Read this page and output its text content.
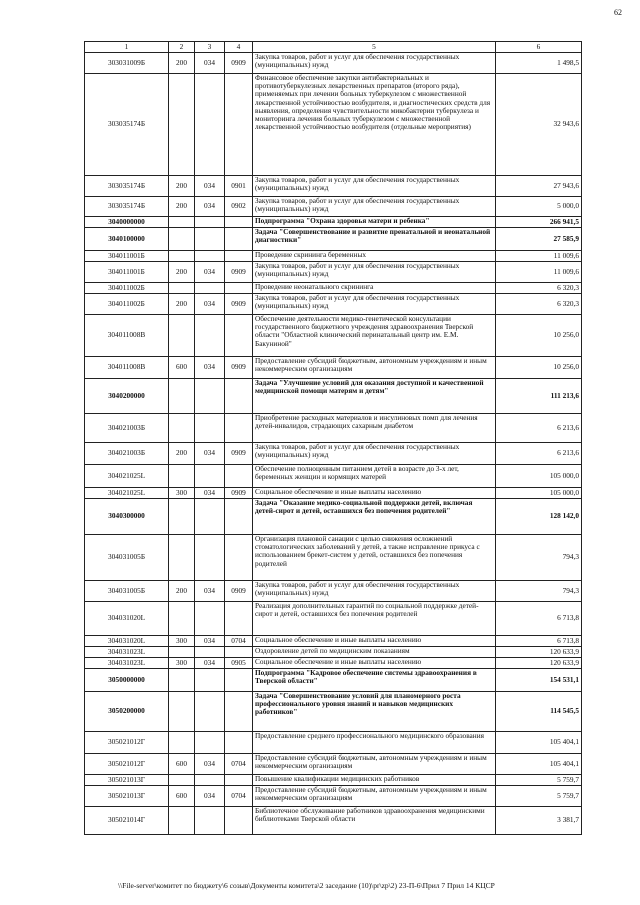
62
1	2	3	4	5	6
303031009Б	200	034	0909	Закупка товаров, работ и услуг для обеспечения государственных (муниципальных) нужд	1 498,5
303035174Б				Финансовое обеспечение закупки антибактериальных и противотуберкулезных лекарственных препаратов (второго ряда), применяемых при лечении больных туберкулезом с множественной лекарственной устойчивостью возбудителя, и диагностических средств для выявления, определения чувствительности микобактерии туберкулеза и мониторинга лечения больных туберкулезом с множественной лекарственной устойчивостью возбудителя (отдельные мероприятия)	32 943,6
303035174Б	200	034	0901	Закупка товаров, работ и услуг для обеспечения государственных (муниципальных) нужд	27 943,6
303035174Б	200	034	0902	Закупка товаров, работ и услуг для обеспечения государственных (муниципальных) нужд	5 000,0
3040000000				Подпрограмма "Охрана здоровья матери и ребенка"	266 941,5
3040100000				Задача "Совершенствование и развитие пренатальной и неонатальной диагностики"	27 585,9
304011001Б				Проведение скрининга беременных	11 009,6
304011001Б	200	034	0909	Закупка товаров, работ и услуг для обеспечения государственных (муниципальных) нужд	11 009,6
304011002Б				Проведение неонатального скрининга	6 320,3
304011002Б	200	034	0909	Закупка товаров, работ и услуг для обеспечения государственных (муниципальных) нужд	6 320,3
304011008В				Обеспечение деятельности медико-генетической консультации государственного бюджетного учреждения здравоохранения Тверской области "Областной клинический перинатальный центр им. Е.М. Бакуниной"	10 256,0
304011008В	600	034	0909	Предоставление субсидий бюджетным, автономным учреждениям и иным некоммерческим организациям	10 256,0
3040200000				Задача "Улучшение условий для оказания доступной и качественной медицинской помощи матерям и детям"	111 213,6
304021003Б				Приобретение расходных материалов и инсулиновых помп для лечения детей-инвалидов, страдающих сахарным диабетом	6 213,6
304021003Б	200	034	0909	Закупка товаров, работ и услуг для обеспечения государственных (муниципальных) нужд	6 213,6
304021025L				Обеспечение полноценным питанием детей в возрасте до 3-х лет, беременных женщин и кормящих матерей	105 000,0
304021025L	300	034	0909	Социальное обеспечение и иные выплаты населению	105 000,0
3040300000				Задача "Оказание медико-социальной поддержки детей, включая детей-сирот и детей, оставшихся без попечения родителей"	128 142,0
304031005Б				Организация плановой санации с целью снижения осложнений стоматологических заболеваний у детей, а также исправление прикуса с использованием брекет-систем у детей, оставшихся без попечения родителей	794,3
304031005Б	200	034	0909	Закупка товаров, работ и услуг для обеспечения государственных (муниципальных) нужд	794,3
304031020L				Реализация дополнительных гарантий по социальной поддержке детей-сирот и детей, оставшихся без попечения родителей	6 713,8
304031020L	300	034	0704	Социальное обеспечение и иные выплаты населению	6 713,8
304031023L				Оздоровление детей по медицинским показаниям	120 633,9
304031023L	300	034	0905	Социальное обеспечение и иные выплаты населению	120 633,9
3050000000				Подпрограмма "Кадровое обеспечение системы здравоохранения в Тверской области"	154 531,1
3050200000				Задача "Совершенствование условий для планомерного роста профессионального уровня знаний и навыков медицинских работников"	114 545,5
305021012Г				Предоставление среднего профессионального медицинского образования	105 404,1
305021012Г	600	034	0704	Предоставление субсидий бюджетным, автономным учреждениям и иным некоммерческим организациям	105 404,1
305021013Г				Повышение квалификации медицинских работников	5 759,7
305021013Г	600	034	0704	Предоставление субсидий бюджетным, автономным учреждениям и иным некоммерческим организациям	5 759,7
305021014Г				Библиотечное обслуживание работников здравоохранения медицинскими библиотеками Тверской области	3 381,7
\\File-server\комитет по бюджету\6 созыв\Документы комитета\2 заседание (10)\pr\zp\2) 23-П-6\Прил 7 Прил 14 КЦСР
